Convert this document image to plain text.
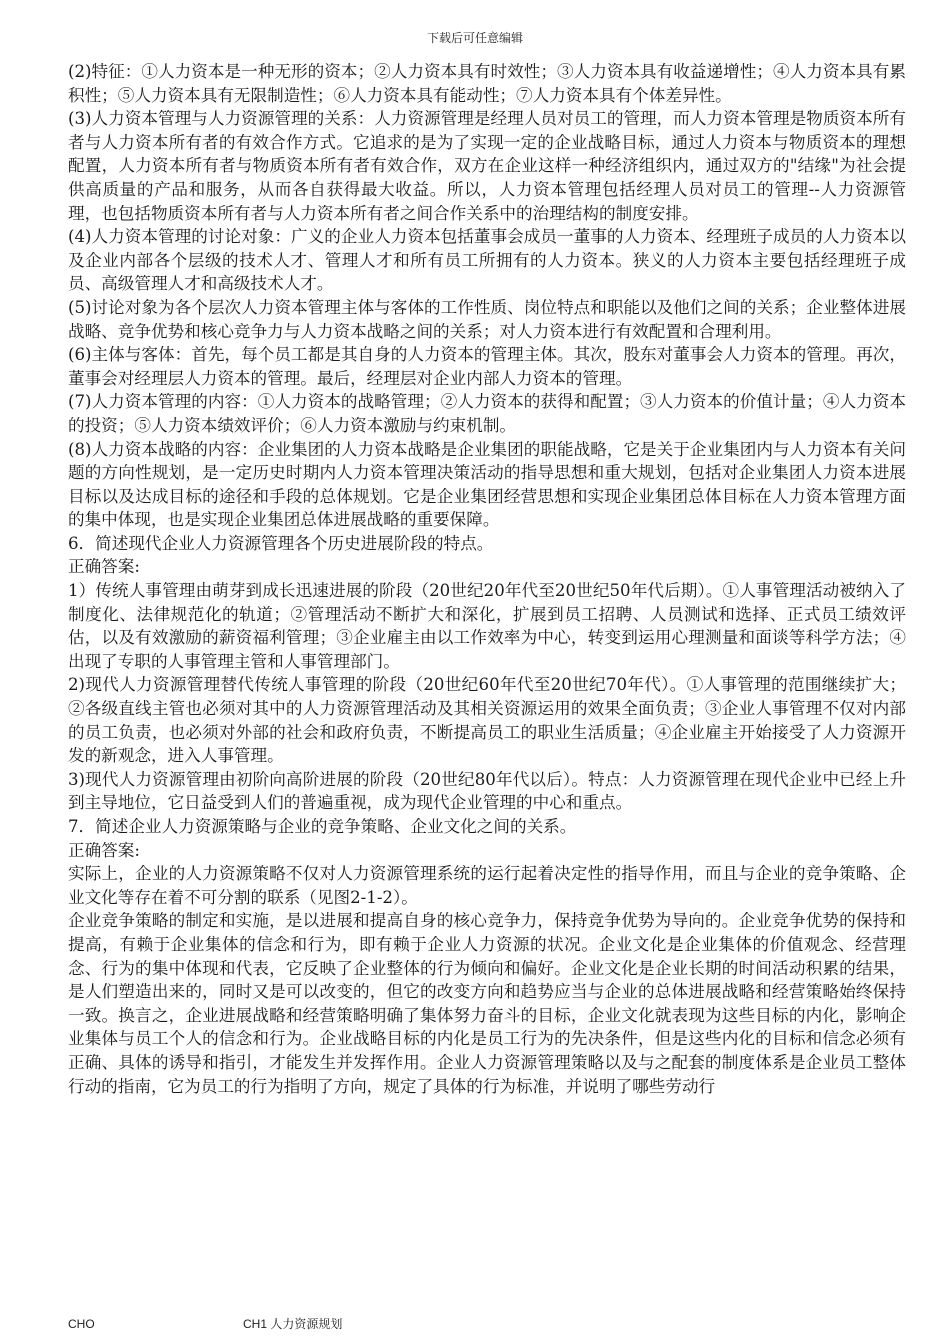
下载后可任意编辑

(2)特征：①人力资本是一种无形的资本；②人力资本具有时效性；③人力资本具有收益递增性；④人力资本具有累积性；⑤人力资本具有无限制造性；⑥人力资本具有能动性；⑦人力资本具有个体差异性。

(3)人力资本管理与人力资源管理的关系：人力资源管理是经理人员对员工的管理，而人力资本管理是物质资本所有者与人力资本所有者的有效合作方式。它追求的是为了实现一定的企业战略目标，通过人力资本与物质资本的理想配置，人力资本所有者与物质资本所有者有效合作，双方在企业这样一种经济组织内，通过双方的"结缘"为社会提供高质量的产品和服务，从而各自获得最大收益。所以，人力资本管理包括经理人员对员工的管理--人力资源管理，也包括物质资本所有者与人力资本所有者之间合作关系中的治理结构的制度安排。

(4)人力资本管理的讨论对象：广义的企业人力资本包括董事会成员一董事的人力资本、经理班子成员的人力资本以及企业内部各个层级的技术人才、管理人才和所有员工所拥有的人力资本。狭义的人力资本主要包括经理班子成员、高级管理人才和高级技术人才。

(5)讨论对象为各个层次人力资本管理主体与客体的工作性质、岗位特点和职能以及他们之间的关系；企业整体进展战略、竞争优势和核心竞争力与人力资本战略之间的关系；对人力资本进行有效配置和合理利用。

(6)主体与客体：首先，每个员工都是其自身的人力资本的管理主体。其次，股东对董事会人力资本的管理。再次，董事会对经理层人力资本的管理。最后，经理层对企业内部人力资本的管理。

(7)人力资本管理的内容：①人力资本的战略管理；②人力资本的获得和配置；③人力资本的价值计量；④人力资本的投资；⑤人力资本绩效评价；⑥人力资本激励与约束机制。

(8)人力资本战略的内容：企业集团的人力资本战略是企业集团的职能战略，它是关于企业集团内与人力资本有关问题的方向性规划，是一定历史时期内人力资本管理决策活动的指导思想和重大规划，包括对企业集团人力资本进展目标以及达成目标的途径和手段的总体规划。它是企业集团经营思想和实现企业集团总体目标在人力资本管理方面的集中体现，也是实现企业集团总体进展战略的重要保障。

6．简述现代企业人力资源管理各个历史进展阶段的特点。

正确答案:

1）传统人事管理由萌芽到成长迅速进展的阶段（20世纪20年代至20世纪50年代后期）。①人事管理活动被纳入了制度化、法律规范化的轨道；②管理活动不断扩大和深化，扩展到员工招聘、人员测试和选择、正式员工绩效评估，以及有效激励的薪资福利管理；③企业雇主由以工作效率为中心，转变到运用心理测量和面谈等科学方法；④出现了专职的人事管理主管和人事管理部门。

2)现代人力资源管理替代传统人事管理的阶段（20世纪60年代至20世纪70年代）。①人事管理的范围继续扩大；②各级直线主管也必须对其中的人力资源管理活动及其相关资源运用的效果全面负责；③企业人事管理不仅对内部的员工负责，也必须对外部的社会和政府负责，不断提高员工的职业生活质量；④企业雇主开始接受了人力资源开发的新观念，进入人事管理。

3)现代人力资源管理由初阶向高阶进展的阶段（20世纪80年代以后）。特点：人力资源管理在现代企业中已经上升到主导地位，它日益受到人们的普遍重视，成为现代企业管理的中心和重点。

7．简述企业人力资源策略与企业的竞争策略、企业文化之间的关系。

正确答案:

实际上，企业的人力资源策略不仅对人力资源管理系统的运行起着决定性的指导作用，而且与企业的竞争策略、企业文化等存在着不可分割的联系（见图2-1-2）。

企业竞争策略的制定和实施，是以进展和提高自身的核心竞争力，保持竞争优势为导向的。企业竞争优势的保持和提高，有赖于企业集体的信念和行为，即有赖于企业人力资源的状况。企业文化是企业集体的价值观念、经营理念、行为的集中体现和代表，它反映了企业整体的行为倾向和偏好。企业文化是企业长期的时间活动积累的结果，是人们塑造出来的，同时又是可以改变的，但它的改变方向和趋势应当与企业的总体进展战略和经营策略始终保持一致。换言之，企业进展战略和经营策略明确了集体努力奋斗的目标，企业文化就表现为这些目标的内化，影响企业集体与员工个人的信念和行为。企业战略目标的内化是员工行为的先决条件，但是这些内化的目标和信念必须有正确、具体的诱导和指引，才能发生并发挥作用。企业人力资源管理策略以及与之配套的制度体系是企业员工整体行动的指南，它为员工的行为指明了方向，规定了具体的行为标准，并说明了哪些劳动行

CHO	CH1 人力资源规划
